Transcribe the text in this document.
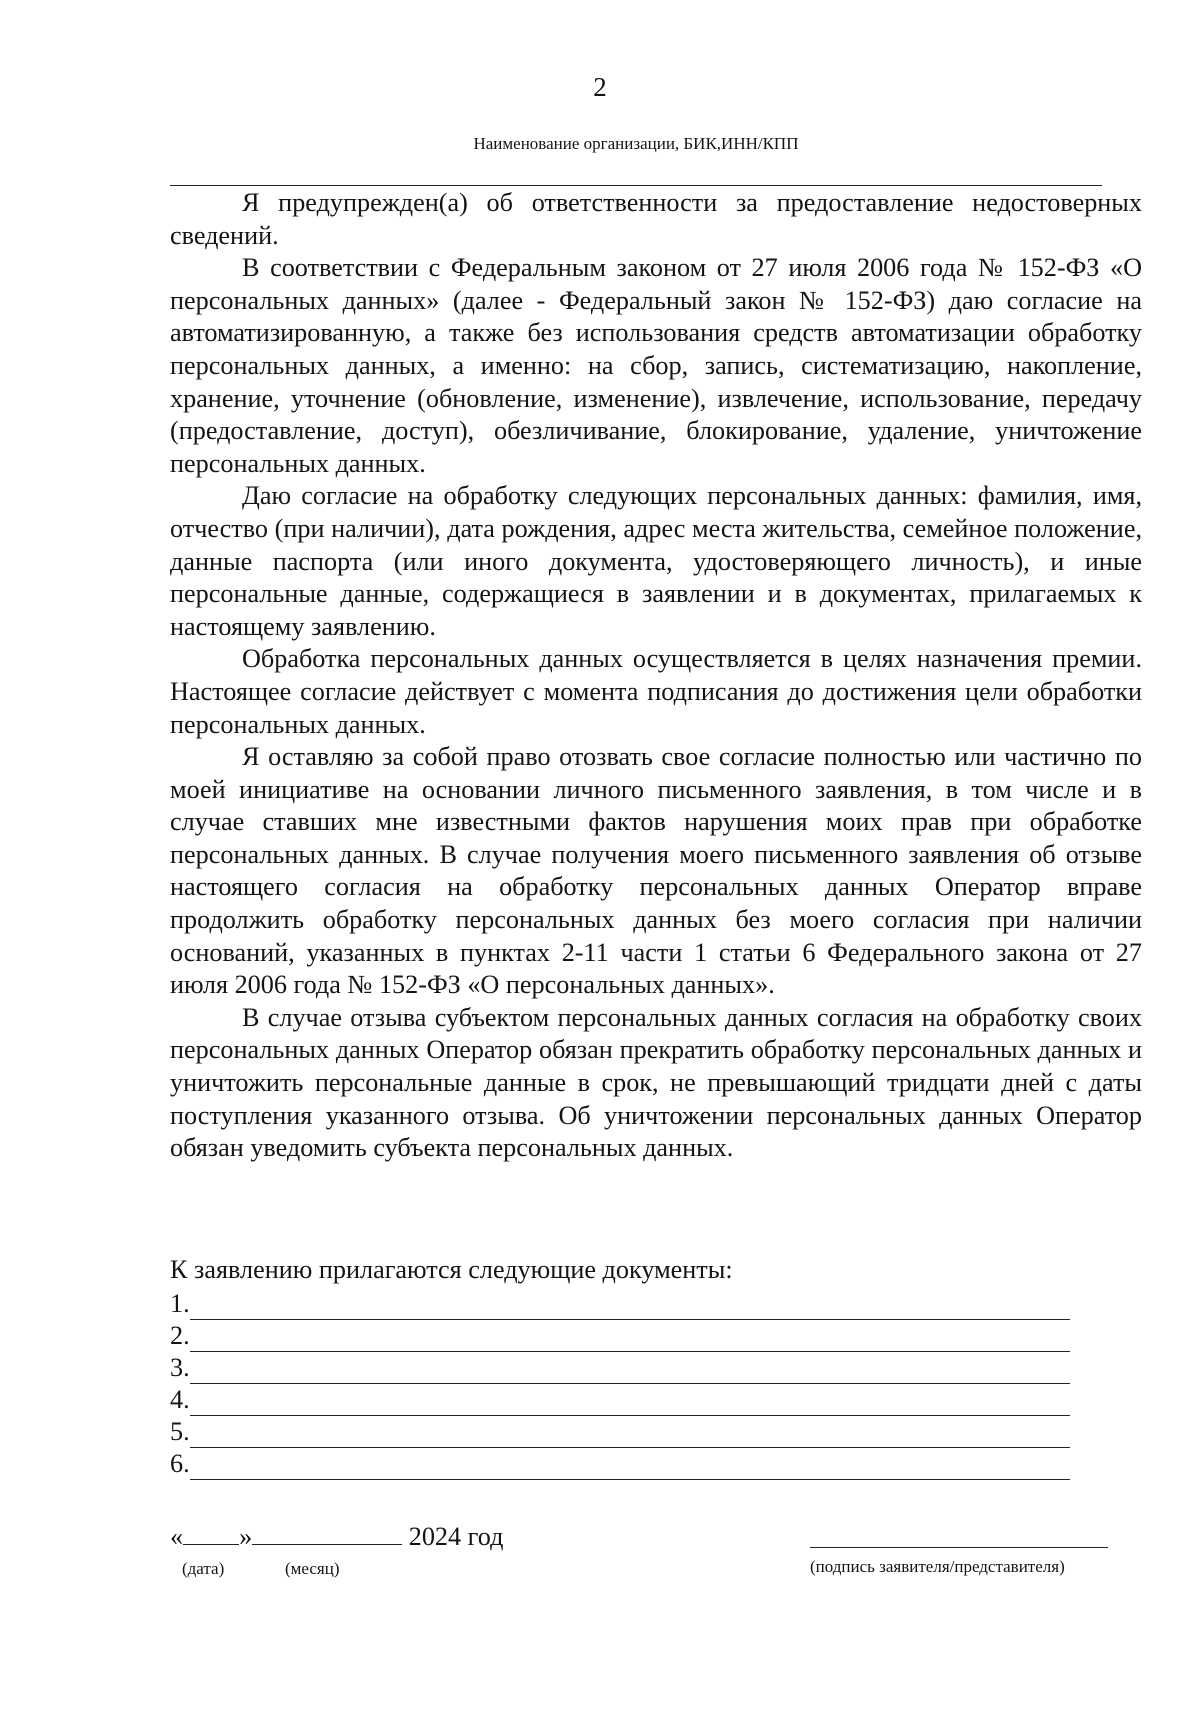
2
Наименование организации, БИК,ИНН/КПП

Я предупрежден(а) об ответственности за предоставление недостоверных сведений.

В соответствии с Федеральным законом от 27 июля 2006 года № 152-ФЗ «О персональных данных» (далее - Федеральный закон № 152-ФЗ) даю согласие на автоматизированную, а также без использования средств автоматизации обработку персональных данных, а именно: на сбор, запись, систематизацию, накопление, хранение, уточнение (обновление, изменение), извлечение, использование, передачу (предоставление, доступ), обезличивание, блокирование, удаление, уничтожение персональных данных.

Даю согласие на обработку следующих персональных данных: фамилия, имя, отчество (при наличии), дата рождения, адрес места жительства, семейное положение, данные паспорта (или иного документа, удостоверяющего личность), и иные персональные данные, содержащиеся в заявлении и в документах, прилагаемых к настоящему заявлению.

Обработка персональных данных осуществляется в целях назначения премии. Настоящее согласие действует с момента подписания до достижения цели обработки персональных данных.

Я оставляю за собой право отозвать свое согласие полностью или частично по моей инициативе на основании личного письменного заявления, в том числе и в случае ставших мне известными фактов нарушения моих прав при обработке персональных данных. В случае получения моего письменного заявления об отзыве настоящего согласия на обработку персональных данных Оператор вправе продолжить обработку персональных данных без моего согласия при наличии оснований, указанных в пунктах 2-11 части 1 статьи 6 Федерального закона от 27 июля 2006 года № 152-ФЗ «О персональных данных».

В случае отзыва субъектом персональных данных согласия на обработку своих персональных данных Оператор обязан прекратить обработку персональных данных и уничтожить персональные данные в срок, не превышающий тридцати дней с даты поступления указанного отзыва. Об уничтожении персональных данных Оператор обязан уведомить субъекта персональных данных.

К заявлению прилагаются следующие документы:
1.
2.
3.
4.
5.
6.
« »	2024 год
(дата)	(месяц)	(подпись заявителя/представителя)
